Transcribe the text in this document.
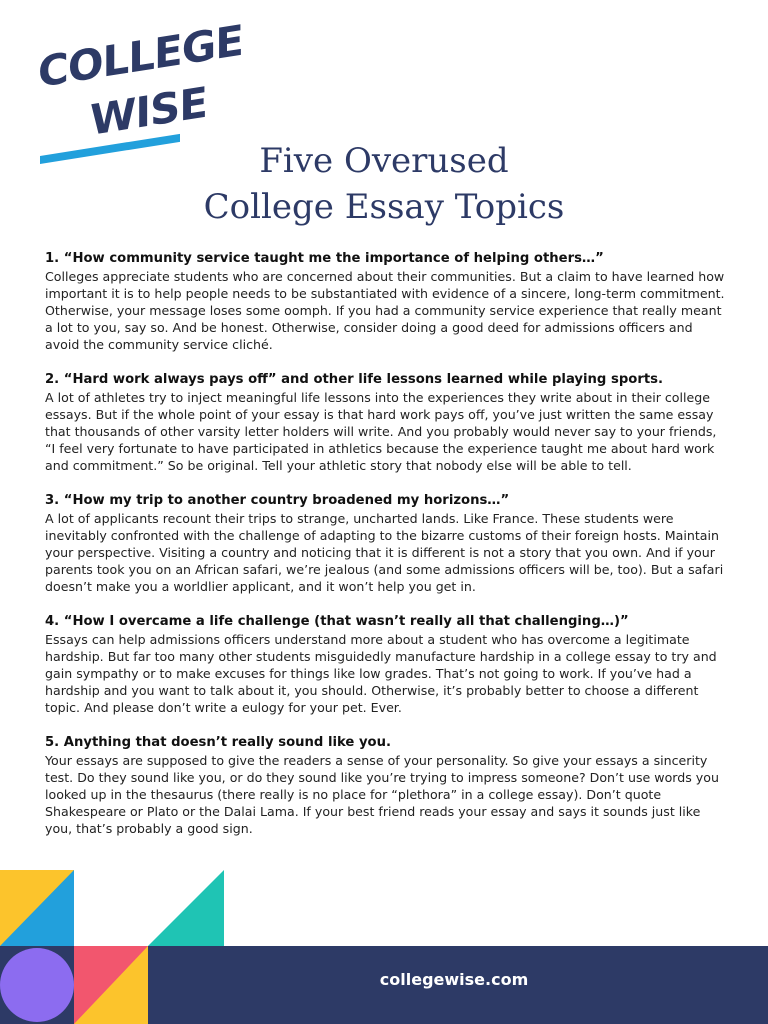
COLLEGE
WISE
Five Overused
College Essay Topics
1. “How community service taught me the importance of helping others…”
Colleges appreciate students who are concerned about their communities. But a claim to have learned how important it is to help people needs to be substantiated with evidence of a sincere, long-term commitment. Otherwise, your message loses some oomph. If you had a community service experience that really meant a lot to you, say so. And be honest. Otherwise, consider doing a good deed for admissions officers and avoid the community service cliché.
2. “Hard work always pays off” and other life lessons learned while playing sports.
A lot of athletes try to inject meaningful life lessons into the experiences they write about in their college essays. But if the whole point of your essay is that hard work pays off, you’ve just written the same essay that thousands of other varsity letter holders will write. And you probably would never say to your friends, “I feel very fortunate to have participated in athletics because the experience taught me about hard work and commitment.” So be original. Tell your athletic story that nobody else will be able to tell.
3. “How my trip to another country broadened my horizons…”
A lot of applicants recount their trips to strange, uncharted lands. Like France. These students were inevitably confronted with the challenge of adapting to the bizarre customs of their foreign hosts. Maintain your perspective. Visiting a country and noticing that it is different is not a story that you own. And if your parents took you on an African safari, we’re jealous (and some admissions officers will be, too). But a safari doesn’t make you a worldlier applicant, and it won’t help you get in.
4. “How I overcame a life challenge (that wasn’t really all that challenging…)”
Essays can help admissions officers understand more about a student who has overcome a legitimate hardship. But far too many other students misguidedly manufacture hardship in a college essay to try and gain sympathy or to make excuses for things like low grades. That’s not going to work. If you’ve had a hardship and you want to talk about it, you should. Otherwise, it’s probably better to choose a different topic. And please don’t write a eulogy for your pet. Ever.
5. Anything that doesn’t really sound like you.
Your essays are supposed to give the readers a sense of your personality. So give your essays a sincerity test. Do they sound like you, or do they sound like you’re trying to impress someone? Don’t use words you looked up in the thesaurus (there really is no place for “plethora” in a college essay). Don’t quote Shakespeare or Plato or the Dalai Lama. If your best friend reads your essay and says it sounds just like you, that’s probably a good sign.
collegewise.com
